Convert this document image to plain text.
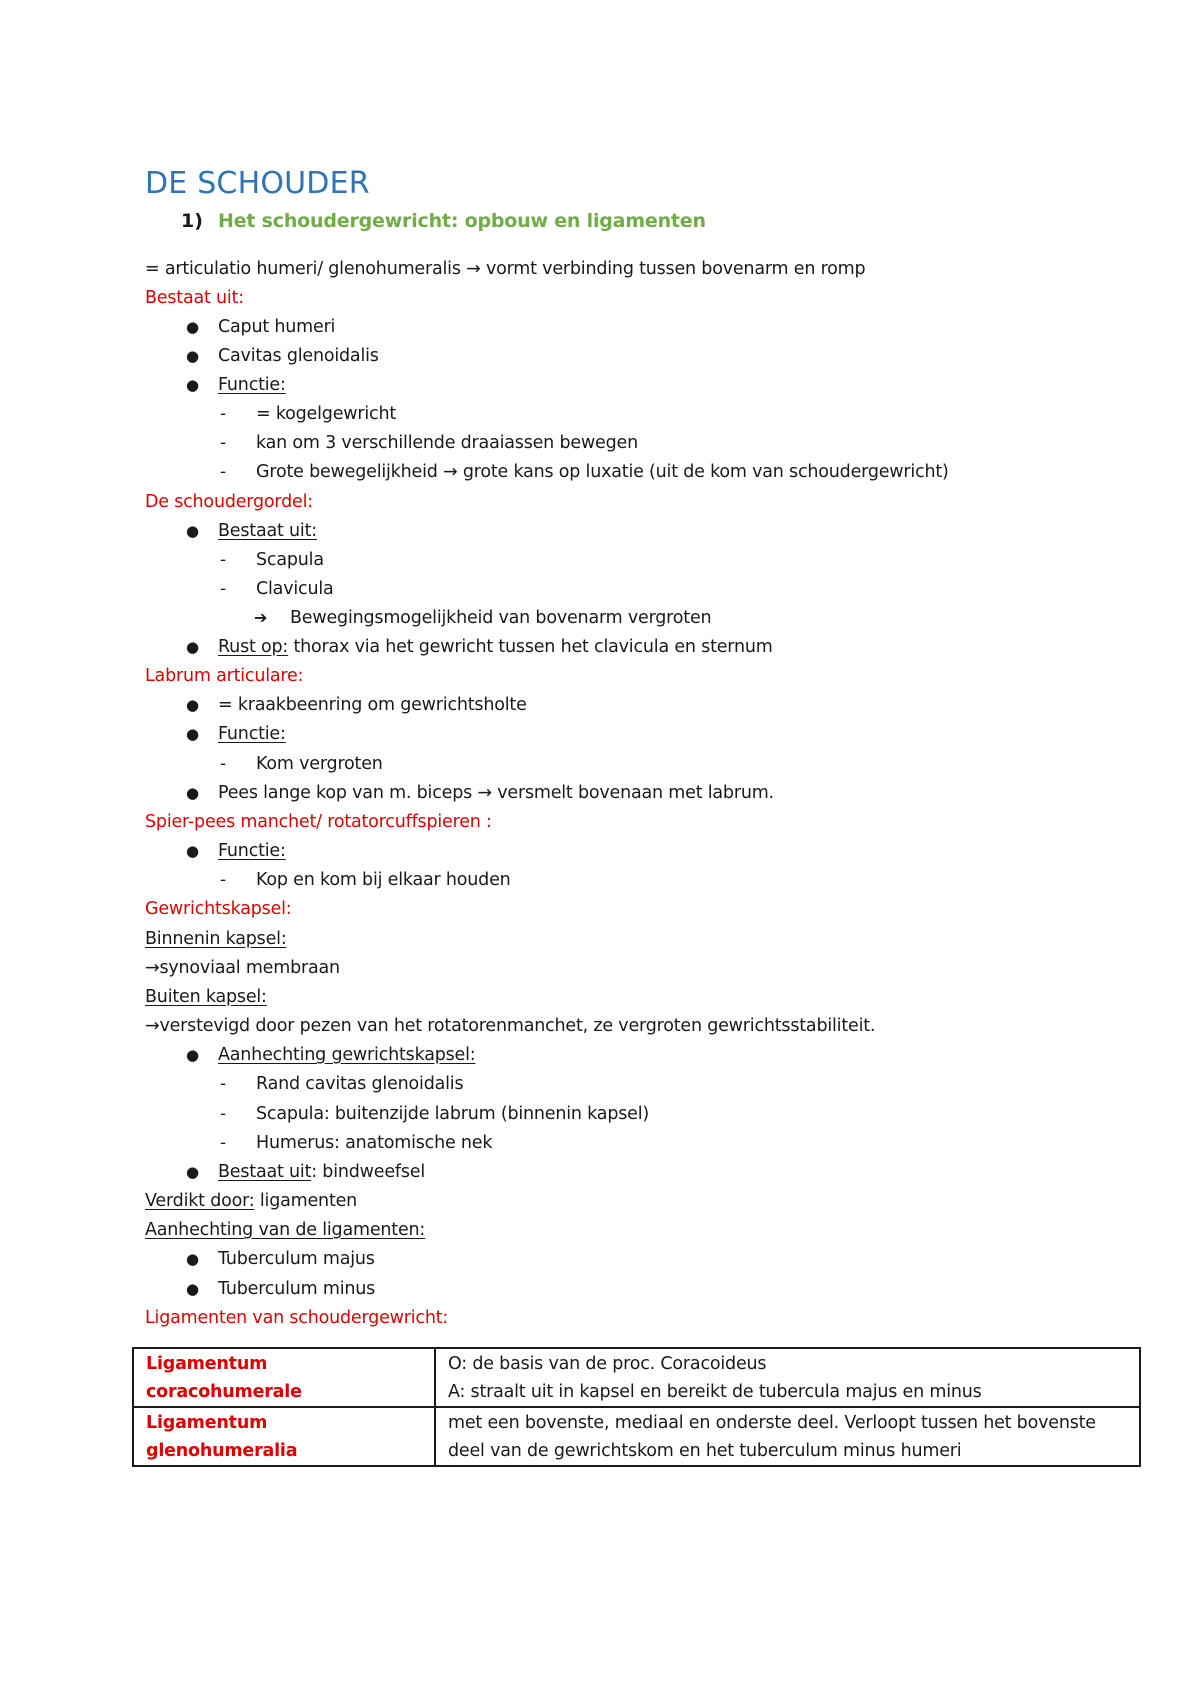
DE SCHOUDER
1) Het schoudergewricht: opbouw en ligamenten
= articulatio humeri/ glenohumeralis → vormt verbinding tussen bovenarm en romp
Bestaat uit:
● Caput humeri
● Cavitas glenoidalis
● Functie:
- = kogelgewricht
- kan om 3 verschillende draaiassen bewegen
- Grote bewegelijkheid → grote kans op luxatie (uit de kom van schoudergewricht)
De schoudergordel:
● Bestaat uit:
- Scapula
- Clavicula
➔ Bewegingsmogelijkheid van bovenarm vergroten
● Rust op: thorax via het gewricht tussen het clavicula en sternum
Labrum articulare:
● = kraakbeenring om gewrichtsholte
● Functie:
- Kom vergroten
● Pees lange kop van m. biceps → versmelt bovenaan met labrum.
Spier-pees manchet/ rotatorcuffspieren :
● Functie:
- Kop en kom bij elkaar houden
Gewrichtskapsel:
Binnenin kapsel:
→synoviaal membraan
Buiten kapsel:
→verstevigd door pezen van het rotatorenmanchet, ze vergroten gewrichtsstabiliteit.
● Aanhechting gewrichtskapsel:
- Rand cavitas glenoidalis
- Scapula: buitenzijde labrum (binnenin kapsel)
- Humerus: anatomische nek
● Bestaat uit: bindweefsel
Verdikt door: ligamenten
Aanhechting van de ligamenten:
● Tuberculum majus
● Tuberculum minus
Ligamenten van schoudergewricht:
Ligamentum coracohumerale	O: de basis van de proc. Coracoideus
A: straalt uit in kapsel en bereikt de tubercula majus en minus

Ligamentum glenohumeralia	met een bovenste, mediaal en onderste deel. Verloopt tussen het bovenste
deel van de gewrichtskom en het tuberculum minus humeri
